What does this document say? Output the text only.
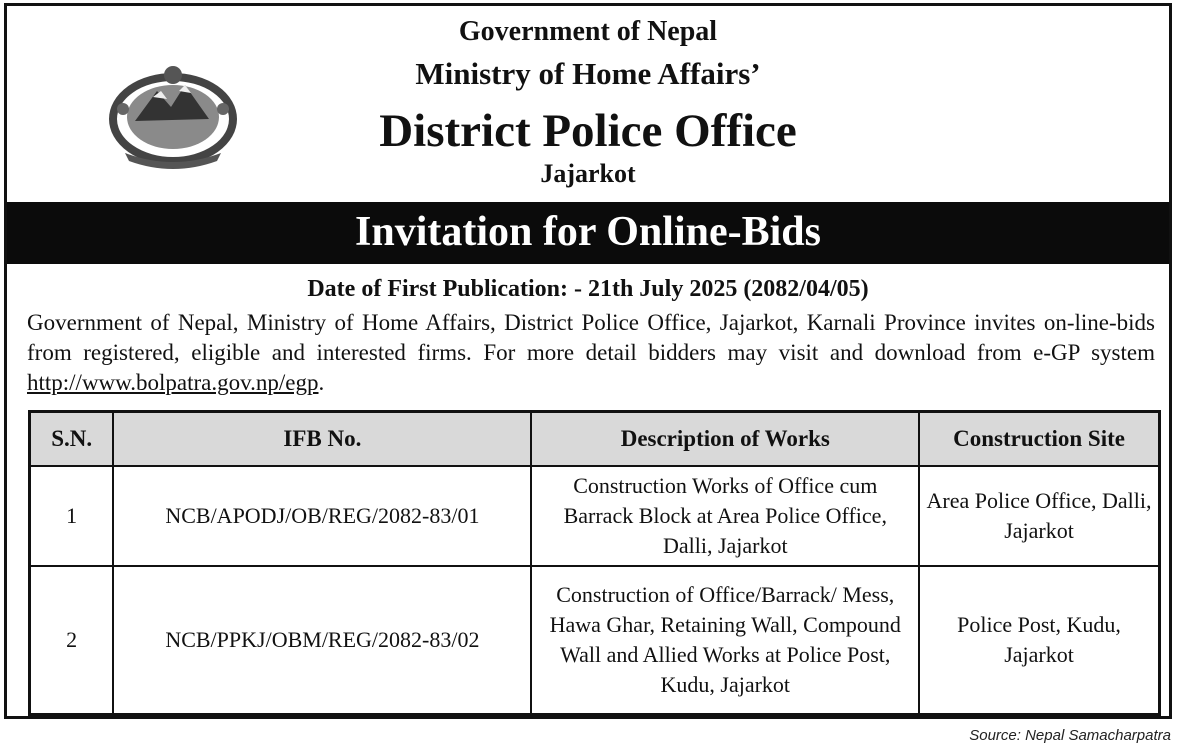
Government of Nepal
Ministry of Home Affairs’
District Police Office
Jajarkot
Invitation for Online-Bids
Date of First Publication: - 21th July 2025 (2082/04/05)
Government of Nepal, Ministry of Home Affairs, District Police Office, Jajarkot, Karnali Province invites on-line-bids from registered, eligible and interested firms. For more detail bidders may visit and download from e-GP system http://www.bolpatra.gov.np/egp.
S.N.	IFB No.	Description of Works	Construction Site
1	NCB/APODJ/OB/REG/2082-83/01	Construction Works of Office cum Barrack Block at Area Police Office, Dalli, Jajarkot	Area Police Office, Dalli, Jajarkot
2	NCB/PPKJ/OBM/REG/2082-83/02	Construction of Office/Barrack/ Mess, Hawa Ghar, Retaining Wall, Compound Wall and Allied Works at Police Post, Kudu, Jajarkot	Police Post, Kudu, Jajarkot
Source: Nepal Samacharpatra
